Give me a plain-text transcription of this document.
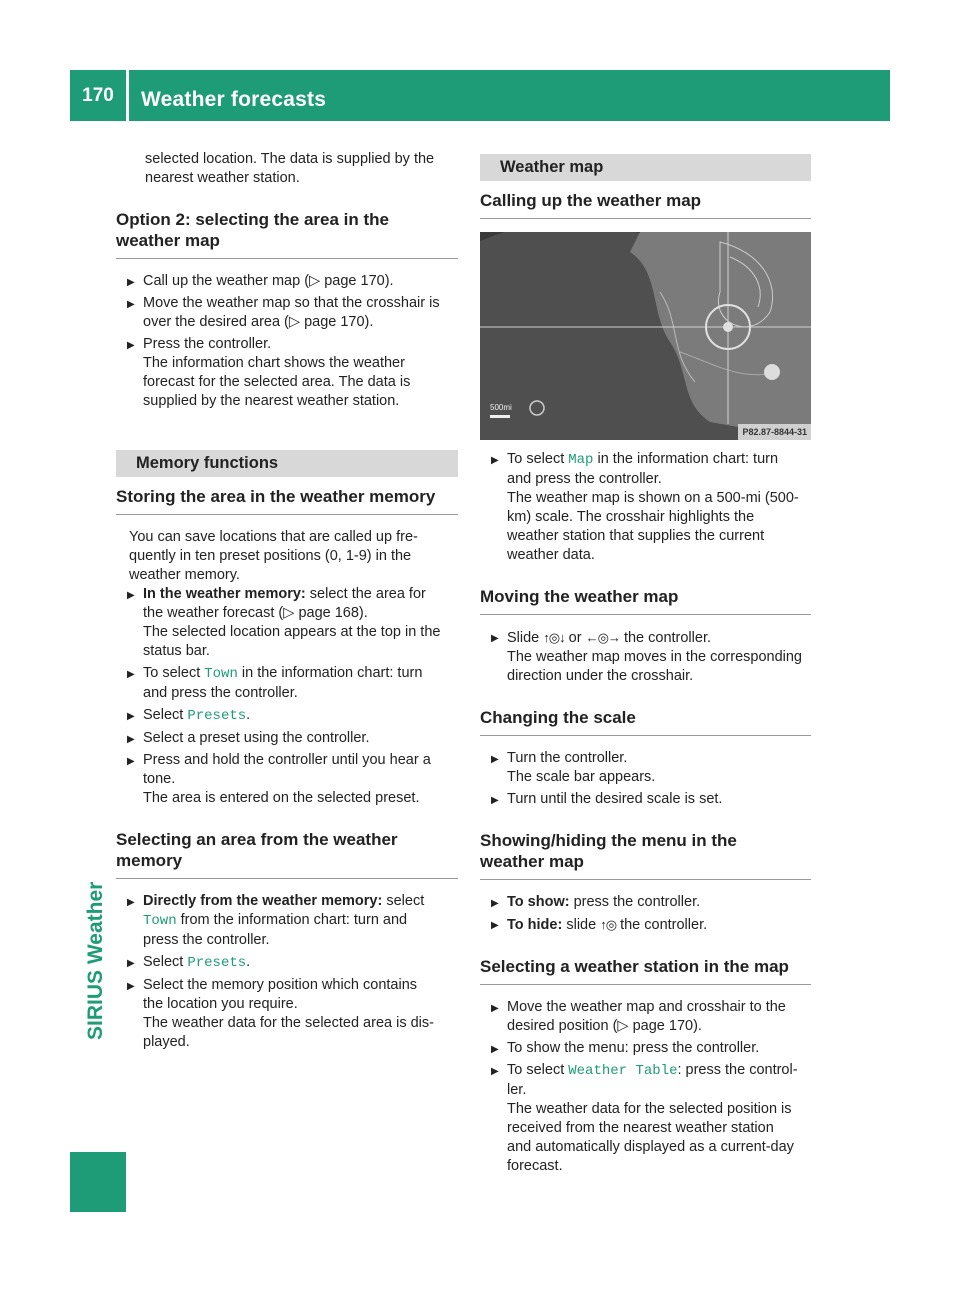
170	Weather forecasts
SIRIUS Weather

selected location. The data is supplied by the

nearest weather station.

Option 2: selecting the area in the
weather map
▶ Call up the weather map (▷ page 170).
▶ Move the weather map so that the crosshair is
over the desired area (▷ page 170).
▶ Press the controller.
The information chart shows the weather
forecast for the selected area. The data is
supplied by the nearest weather station.
Memory functions
Storing the area in the weather memory

You can save locations that are called up fre-

quently in ten preset positions (0, 1-9) in the

weather memory.

▶ In the weather memory: select the area for
the weather forecast (▷ page 168).
The selected location appears at the top in the
status bar.
▶ To select Town in the information chart: turn
and press the controller.
▶ Select Presets.
▶ Select a preset using the controller.
▶ Press and hold the controller until you hear a
tone.
The area is entered on the selected preset.
Selecting an area from the weather
memory
▶ Directly from the weather memory: select
Town from the information chart: turn and
press the controller.
▶ Select Presets.
▶ Select the memory position which contains
the location you require.
The weather data for the selected area is dis-
played.
Weather map
Calling up the weather map
500mi
P82.87-8844-31
▶ To select Map in the information chart: turn
and press the controller.
The weather map is shown on a 500-mi (500-
km) scale. The crosshair highlights the
weather station that supplies the current
weather data.
Moving the weather map
▶ Slide ↑◎↓ or ←◎→ the controller.
The weather map moves in the corresponding
direction under the crosshair.
Changing the scale
▶ Turn the controller.
The scale bar appears.
▶ Turn until the desired scale is set.
Showing/hiding the menu in the
weather map
▶ To show: press the controller.
▶ To hide: slide ↑◎ the controller.
Selecting a weather station in the map
▶ Move the weather map and crosshair to the
desired position (▷ page 170).
▶ To show the menu: press the controller.
▶ To select Weather Table: press the control-
ler.
The weather data for the selected position is
received from the nearest weather station
and automatically displayed as a current-day
forecast.
